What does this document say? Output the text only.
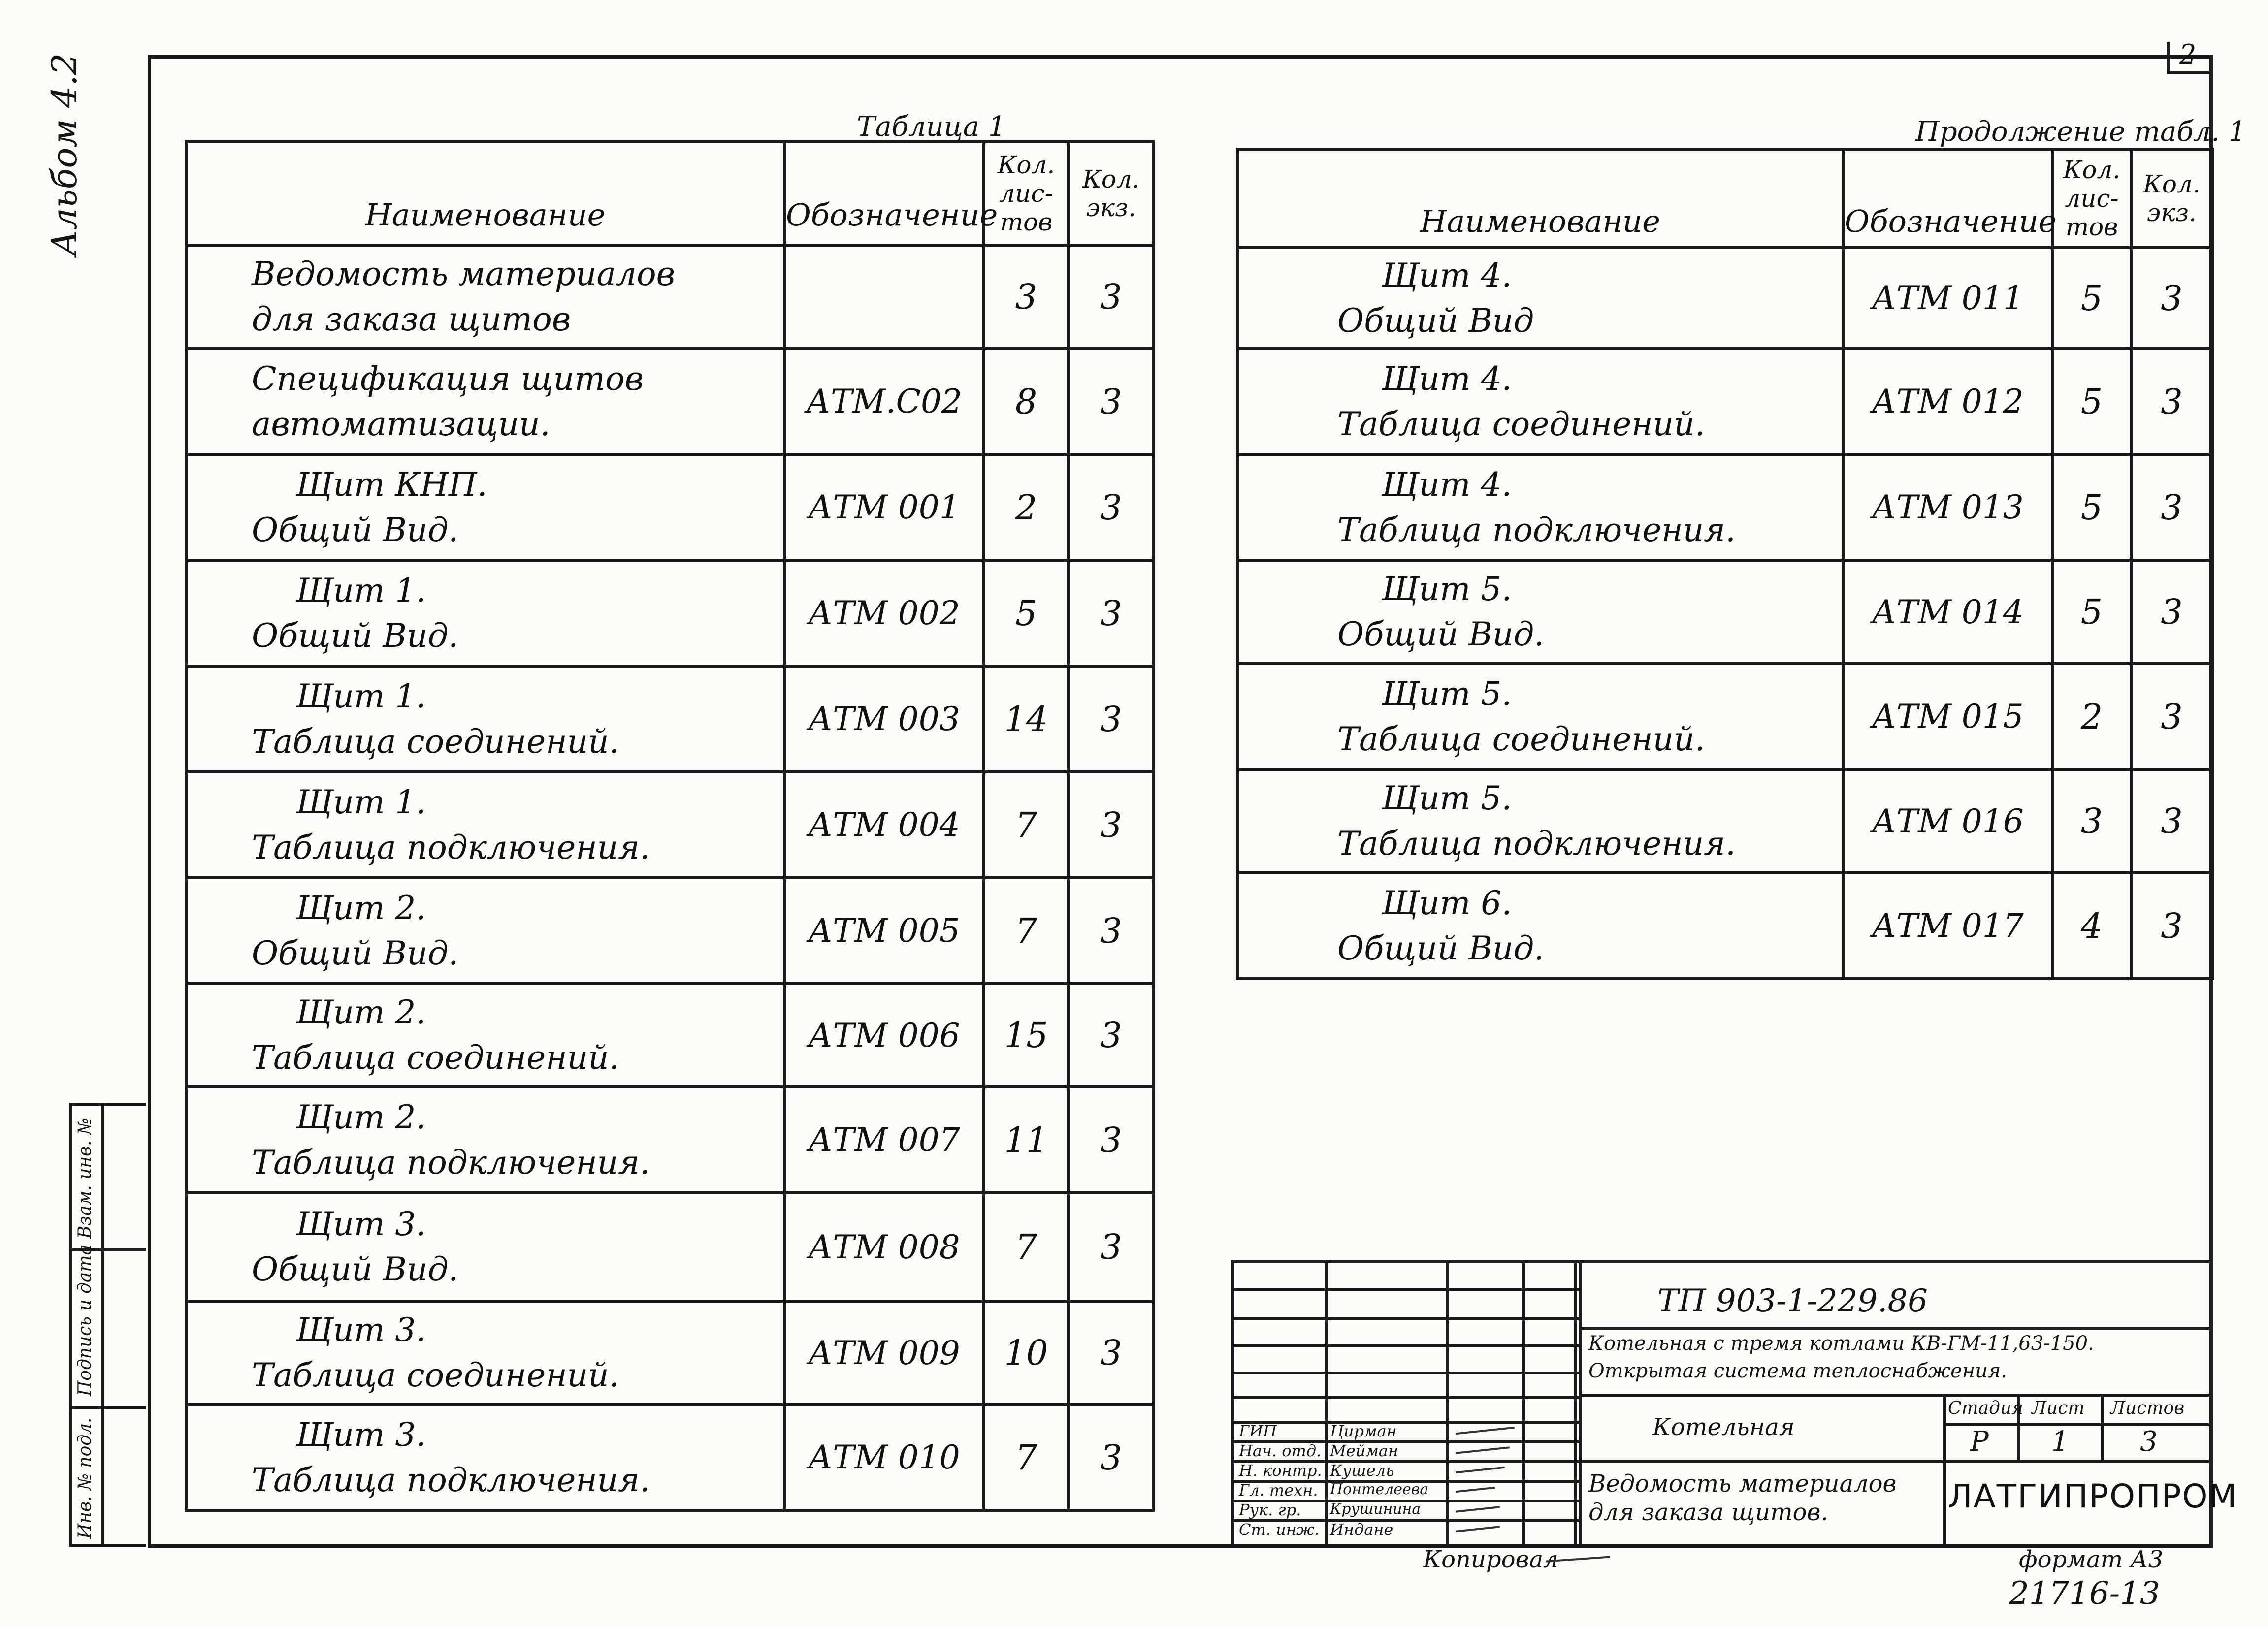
2
Альбом 4.2	Таблица 1
Наименование	Обозначение	Кол. лис- тов	Кол. экз.

Ведомость материалов
для заказа щитов		3	3

Спецификация щитов
автоматизации.	АТМ.С02	8	3

Щит КНП.
Общий Вид.	АТМ 001	2	3

Щит 1.
Общий Вид.	АТМ 002	5	3

Щит 1.
Таблица соединений.	АТМ 003	14	3

Щит 1.
Таблица подключения.	АТМ 004	7	3

Щит 2.
Общий Вид.	АТМ 005	7	3

Щит 2.
Таблица соединений.	АТМ 006	15	3

Щит 2.
Таблица подключения.	АТМ 007	11	3

Щит 3.
Общий Вид.	АТМ 008	7	3

Щит 3.
Таблица соединений.	АТМ 009	10	3

Щит 3.
Таблица подключения.	АТМ 010	7	3
Продолжение табл. 1
Наименование	Обозначение	Кол. лис- тов	Кол. экз.

Щит 4.
Общий Вид	АТМ 011	5	3

Щит 4.
Таблица соединений.	АТМ 012	5	3

Щит 4.
Таблица подключения.	АТМ 013	5	3

Щит 5.
Общий Вид.	АТМ 014	5	3

Щит 5.
Таблица соединений.	АТМ 015	2	3

Щит 5.
Таблица подключения.	АТМ 016	3	3

Щит 6.
Общий Вид.	АТМ 017	4	3
Взам. инв. №
Подпись и дата
Инв. № подл.	ГИП	Цирман
Нач. отд. Мейман
Н. контр. Кушель
Гл. техн. Понтелеева
Рук. гр. Крушинина
Ст. инж. Индане
ТП 903-1-229.86
Котельная с тремя котлами КВ-ГМ-11,63-150.
Открытая система теплоснабжения.
Котельная
Ведомость материалов
для заказа щитов.
Стадия Лист Листов
Р 1	3
ЛАТГИПРОПРОМ
Копировал	формат А3
21716-13
